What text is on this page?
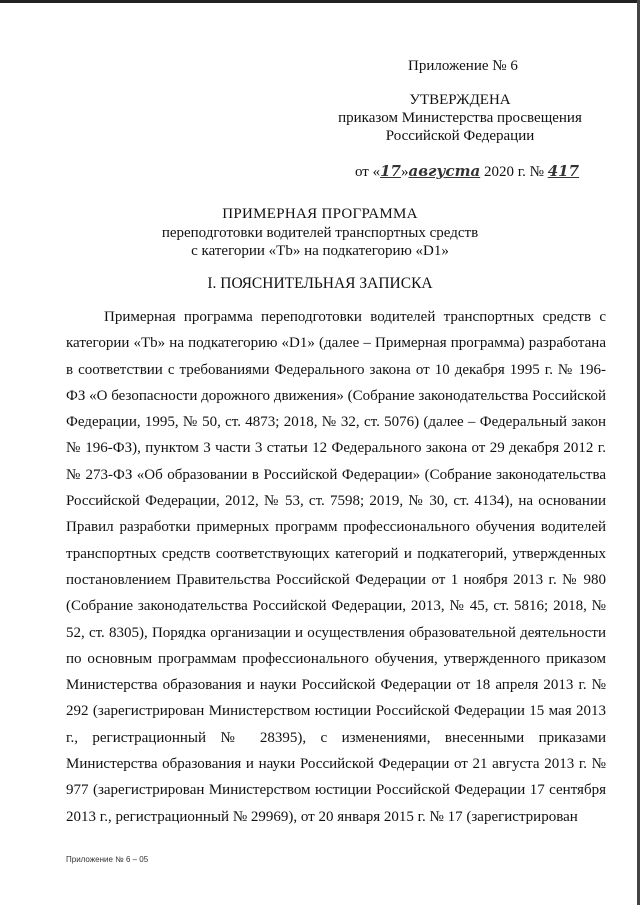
Приложение № 6
УТВЕРЖДЕНА
приказом Министерства просвещения
Российской Федерации
от «17»августа 2020 г. № 417
ПРИМЕРНАЯ ПРОГРАММА
переподготовки водителей транспортных средств
с категории «Tb» на подкатегорию «D1»
I. ПОЯСНИТЕЛЬНАЯ ЗАПИСКА

Примерная программа переподготовки водителей транспортных средств с категории «Tb» на подкатегорию «D1» (далее – Примерная программа) разработана в соответствии с требованиями Федерального закона от 10 декабря 1995 г. № 196-ФЗ «О безопасности дорожного движения» (Собрание законодательства Российской Федерации, 1995, № 50, ст. 4873; 2018, № 32, ст. 5076) (далее – Федеральный закон № 196-ФЗ), пунктом 3 части 3 статьи 12 Федерального закона от 29 декабря 2012 г. № 273-ФЗ «Об образовании в Российской Федерации» (Собрание законодательства Российской Федерации, 2012, № 53, ст. 7598; 2019, № 30, ст. 4134), на основании Правил разработки примерных программ профессионального обучения водителей транспортных средств соответствующих категорий и подкатегорий, утвержденных постановлением Правительства Российской Федерации от 1 ноября 2013 г. № 980 (Собрание законодательства Российской Федерации, 2013, № 45, ст. 5816; 2018, № 52, ст. 8305), Порядка организации и осуществления образовательной деятельности по основным программам профессионального обучения, утвержденного приказом Министерства образования и науки Российской Федерации от 18 апреля 2013 г. № 292 (зарегистрирован Министерством юстиции Российской Федерации 15 мая 2013 г., регистрационный № 28395), с изменениями, внесенными приказами Министерства образования и науки Российской Федерации от 21 августа 2013 г. № 977 (зарегистрирован Министерством юстиции Российской Федерации 17 сентября 2013 г., регистрационный № 29969), от 20 января 2015 г. № 17 (зарегистрирован

Приложение № 6 – 05
